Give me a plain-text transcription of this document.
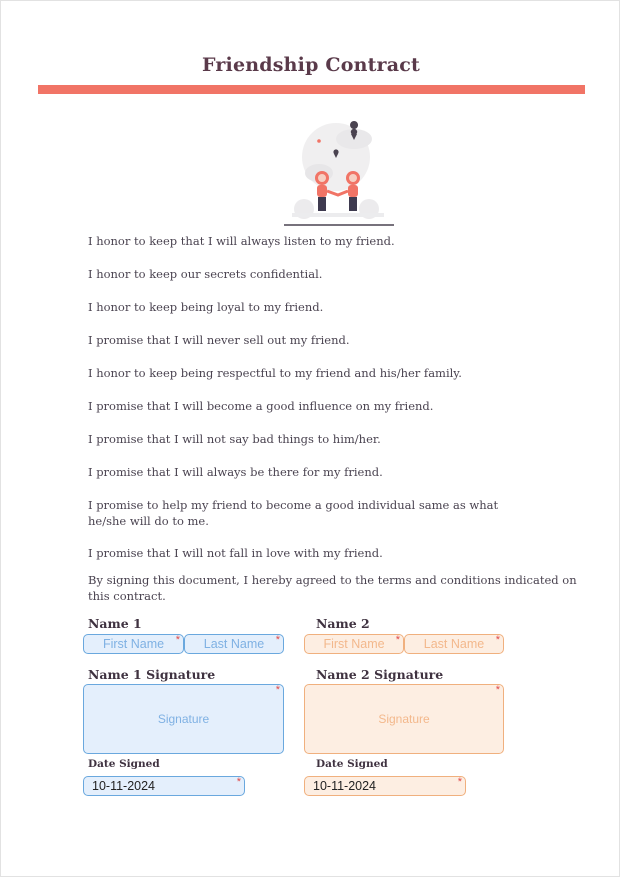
Friendship Contract
I honor to keep that I will always listen to my friend.
I honor to keep our secrets confidential.
I honor to keep being loyal to my friend.
I promise that I will never sell out my friend.
I honor to keep being respectful to my friend and his/her family.
I promise that I will become a good influence on my friend.
I promise that I will not say bad things to him/her.
I promise that I will always be there for my friend.
I promise to help my friend to become a good individual same as what he/she will do to me.
I promise that I will not fall in love with my friend.
By signing this document, I hereby agreed to the terms and conditions indicated on this contract.
Name 1
First Name * Last Name *
Name 1 Signature
Signature
*
Date Signed
10-11-2024	*
Name 2
First Name * Last Name *
Name 2 Signature
Signature
*
Date Signed
10-11-2024	*
